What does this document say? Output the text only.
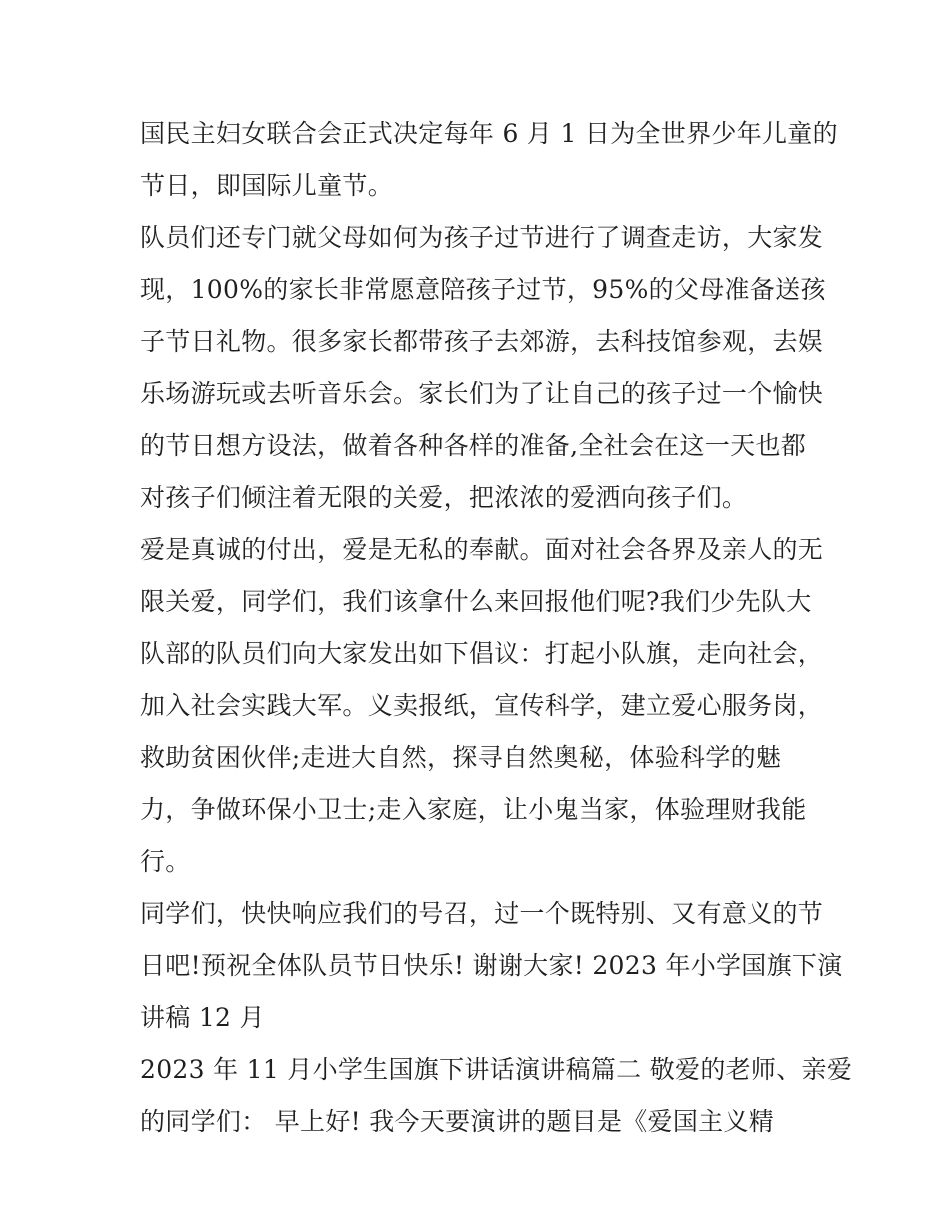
国民主妇女联合会正式决定每年 6 月 1 日为全世界少年儿童的
节日，即国际儿童节。
队员们还专门就父母如何为孩子过节进行了调查走访，大家发
现，100%的家长非常愿意陪孩子过节，95%的父母准备送孩
子节日礼物。很多家长都带孩子去郊游，去科技馆参观，去娱
乐场游玩或去听音乐会。家长们为了让自己的孩子过一个愉快
的节日想方设法，做着各种各样的准备,全社会在这一天也都
对孩子们倾注着无限的关爱，把浓浓的爱洒向孩子们。
爱是真诚的付出，爱是无私的奉献。面对社会各界及亲人的无
限关爱，同学们，我们该拿什么来回报他们呢?我们少先队大
队部的队员们向大家发出如下倡议：打起小队旗，走向社会，
加入社会实践大军。义卖报纸，宣传科学，建立爱心服务岗，
救助贫困伙伴;走进大自然，探寻自然奥秘，体验科学的魅
力，争做环保小卫士;走入家庭，让小鬼当家，体验理财我能
行。
同学们，快快响应我们的号召，过一个既特别、又有意义的节
日吧!预祝全体队员节日快乐! 谢谢大家! 2023 年小学国旗下演
讲稿 12 月
2023 年 11 月小学生国旗下讲话演讲稿篇二 敬爱的老师、亲爱
的同学们： 早上好! 我今天要演讲的题目是《爱国主义精
